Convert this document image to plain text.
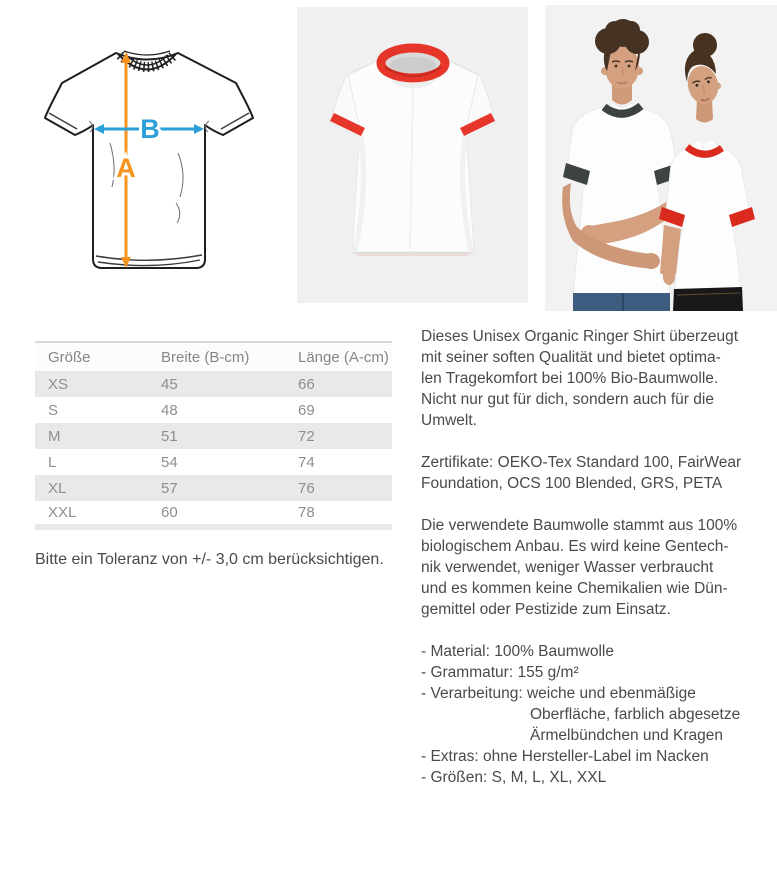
A
B
Größe	Breite (B-cm)	Länge (A-cm)
XS	45	66
S	48	69
M	51	72
L	54	74
XL	57	76
XXL	60	78
Bitte ein Toleranz von +/- 3,0 cm berücksichtigen.
Dieses Unisex Organic Ringer Shirt überzeugt
mit seiner soften Qualität und bietet optima-
len Tragekomfort bei 100% Bio-Baumwolle.
Nicht nur gut für dich, sondern auch für die
Umwelt.
Zertifikate: OEKO-Tex Standard 100, FairWear
Foundation, OCS 100 Blended, GRS, PETA
Die verwendete Baumwolle stammt aus 100%
biologischem Anbau. Es wird keine Gentech-
nik verwendet, weniger Wasser verbraucht
und es kommen keine Chemikalien wie Dün-
gemittel oder Pestizide zum Einsatz.
- Material: 100% Baumwolle
- Grammatur: 155 g/m²
- Verarbeitung: weiche und ebenmäßige
Oberfläche, farblich abgesetze
Ärmelbündchen und Kragen
- Extras: ohne Hersteller-Label im Nacken
- Größen: S, M, L, XL, XXL
